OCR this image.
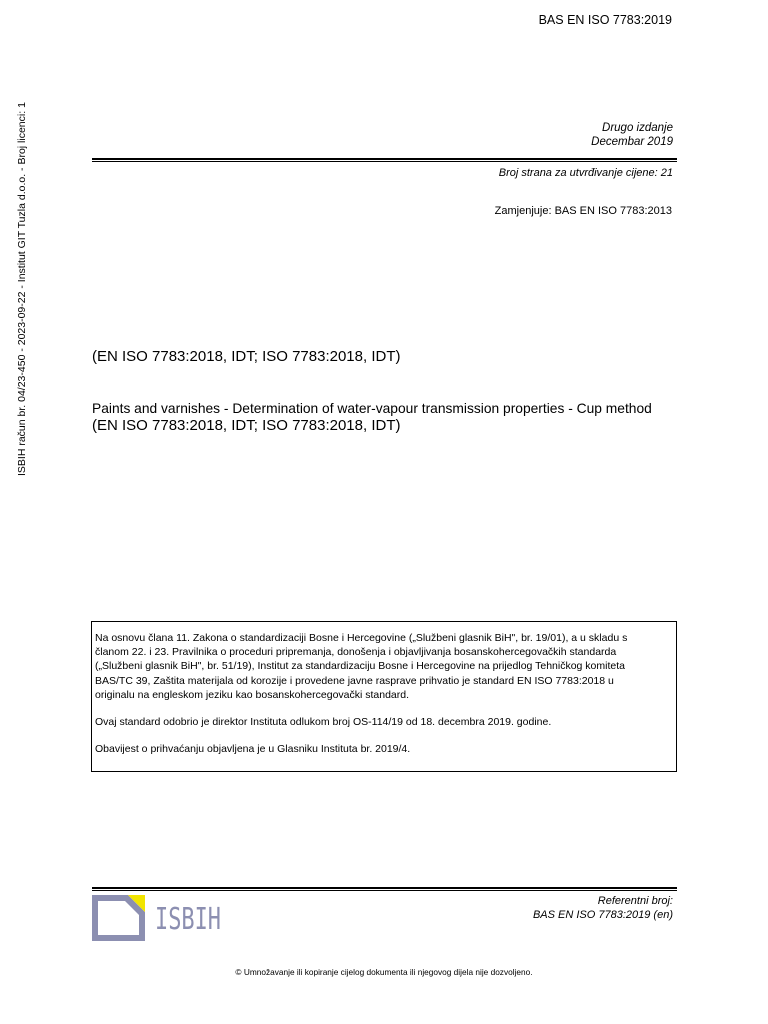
BAS EN ISO 7783:2019
ISBIH račun br. 04/23-450 - 2023-09-22 - Institut GIT Tuzla d.o.o. - Broj licenci: 1	Drugo izdanje
Decembar 2019
Broj strana za utvrđivanje cijene: 21
Zamjenjuje: BAS EN ISO 7783:2013
(EN ISO 7783:2018, IDT; ISO 7783:2018, IDT)
Paints and varnishes - Determination of water-vapour transmission properties - Cup method
(EN ISO 7783:2018, IDT; ISO 7783:2018, IDT)
Na osnovu člana 11. Zakona o standardizaciji Bosne i Hercegovine („Službeni glasnik BiH", br. 19/01), a u skladu s
članom 22. i 23. Pravilnika o proceduri pripremanja, donošenja i objavljivanja bosanskohercegovačkih standarda
(„Službeni glasnik BiH", br. 51/19), Institut za standardizaciju Bosne i Hercegovine na prijedlog Tehničkog komiteta
BAS/TC 39, Zaštita materijala od korozije i provedene javne rasprave prihvatio je standard EN ISO 7783:2018 u
originalu na engleskom jeziku kao bosanskohercegovački standard.
Ovaj standard odobrio je direktor Instituta odlukom broj OS-114/19 od 18. decembra 2019. godine.
Obavijest o prihvaćanju objavljena je u Glasniku Instituta br. 2019/4.
ISBIH
Referentni broj:
BAS EN ISO 7783:2019 (en)
© Umnožavanje ili kopiranje cijelog dokumenta ili njegovog dijela nije dozvoljeno.
